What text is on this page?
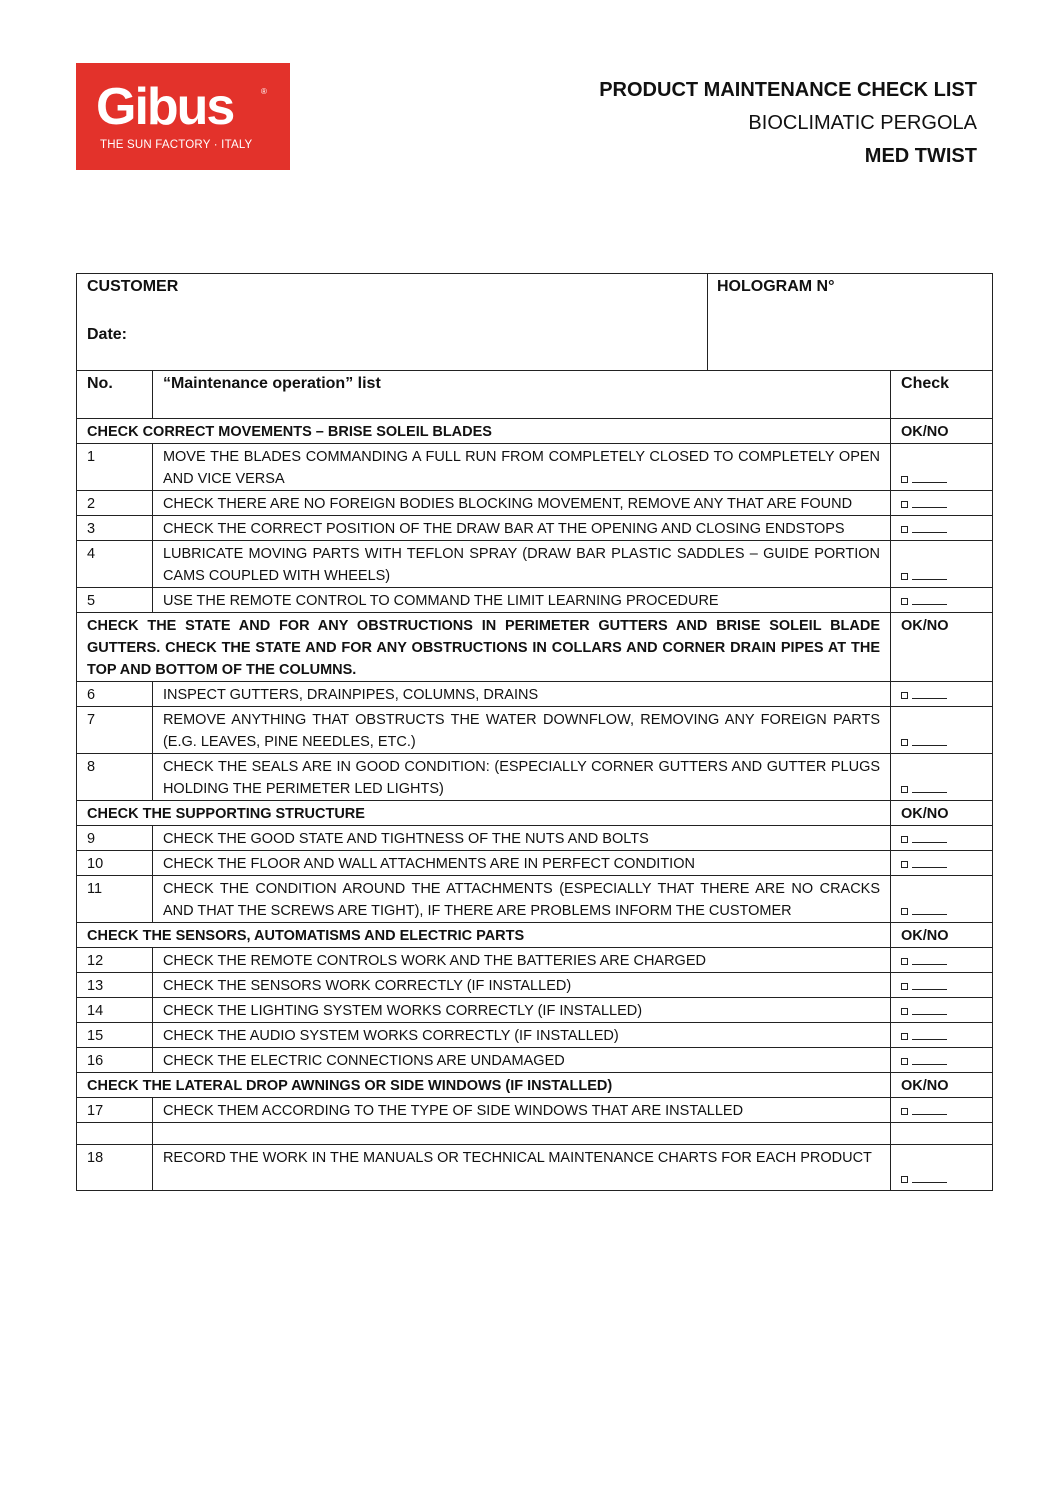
Gibus	®
THE SUN FACTORY · ITALY
PRODUCT MAINTENANCE CHECK LIST
BIOCLIMATIC PERGOLA
MED TWIST
CUSTOMER
Date:
HOLOGRAM N°
No.	“Maintenance operation” list	Check
CHECK CORRECT MOVEMENTS – BRISE SOLEIL BLADES		OK/NO
1	MOVE THE BLADES COMMANDING A FULL RUN FROM COMPLETELY CLOSED TO COMPLETELY OPEN AND VICE VERSA	

2	CHECK THERE ARE NO FOREIGN BODIES BLOCKING MOVEMENT, REMOVE ANY THAT ARE FOUND	

3	CHECK THE CORRECT POSITION OF THE DRAW BAR AT THE OPENING AND CLOSING ENDSTOPS	

4	LUBRICATE MOVING PARTS WITH TEFLON SPRAY (DRAW BAR PLASTIC SADDLES – GUIDE PORTION CAMS COUPLED WITH WHEELS)	

5	USE THE REMOTE CONTROL TO COMMAND THE LIMIT LEARNING PROCEDURE	

CHECK THE STATE AND FOR ANY OBSTRUCTIONS IN PERIMETER GUTTERS AND BRISE SOLEIL BLADE GUTTERS. CHECK THE STATE AND FOR ANY OBSTRUCTIONS IN COLLARS AND CORNER DRAIN PIPES AT THE TOP AND BOTTOM OF THE COLUMNS.		OK/NO
6	INSPECT GUTTERS, DRAINPIPES, COLUMNS, DRAINS	

7	REMOVE ANYTHING THAT OBSTRUCTS THE WATER DOWNFLOW, REMOVING ANY FOREIGN PARTS (E.G. LEAVES, PINE NEEDLES, ETC.)	

8	CHECK THE SEALS ARE IN GOOD CONDITION: (ESPECIALLY CORNER GUTTERS AND GUTTER PLUGS HOLDING THE PERIMETER LED LIGHTS)	

CHECK THE SUPPORTING STRUCTURE		OK/NO
9	CHECK THE GOOD STATE AND TIGHTNESS OF THE NUTS AND BOLTS	

10	CHECK THE FLOOR AND WALL ATTACHMENTS ARE IN PERFECT CONDITION	

11	CHECK THE CONDITION AROUND THE ATTACHMENTS (ESPECIALLY THAT THERE ARE NO CRACKS AND THAT THE SCREWS ARE TIGHT), IF THERE ARE PROBLEMS INFORM THE CUSTOMER	

CHECK THE SENSORS, AUTOMATISMS AND ELECTRIC PARTS		OK/NO
12	CHECK THE REMOTE CONTROLS WORK AND THE BATTERIES ARE CHARGED	

13	CHECK THE SENSORS WORK CORRECTLY (IF INSTALLED)	

14	CHECK THE LIGHTING SYSTEM WORKS CORRECTLY (IF INSTALLED)	

15	CHECK THE AUDIO SYSTEM WORKS CORRECTLY (IF INSTALLED)	

16	CHECK THE ELECTRIC CONNECTIONS ARE UNDAMAGED	

CHECK THE LATERAL DROP AWNINGS OR SIDE WINDOWS (IF INSTALLED)		OK/NO
17	CHECK THEM ACCORDING TO THE TYPE OF SIDE WINDOWS THAT ARE INSTALLED	

18	RECORD THE WORK IN THE MANUALS OR TECHNICAL MAINTENANCE CHARTS FOR EACH PRODUCT	
